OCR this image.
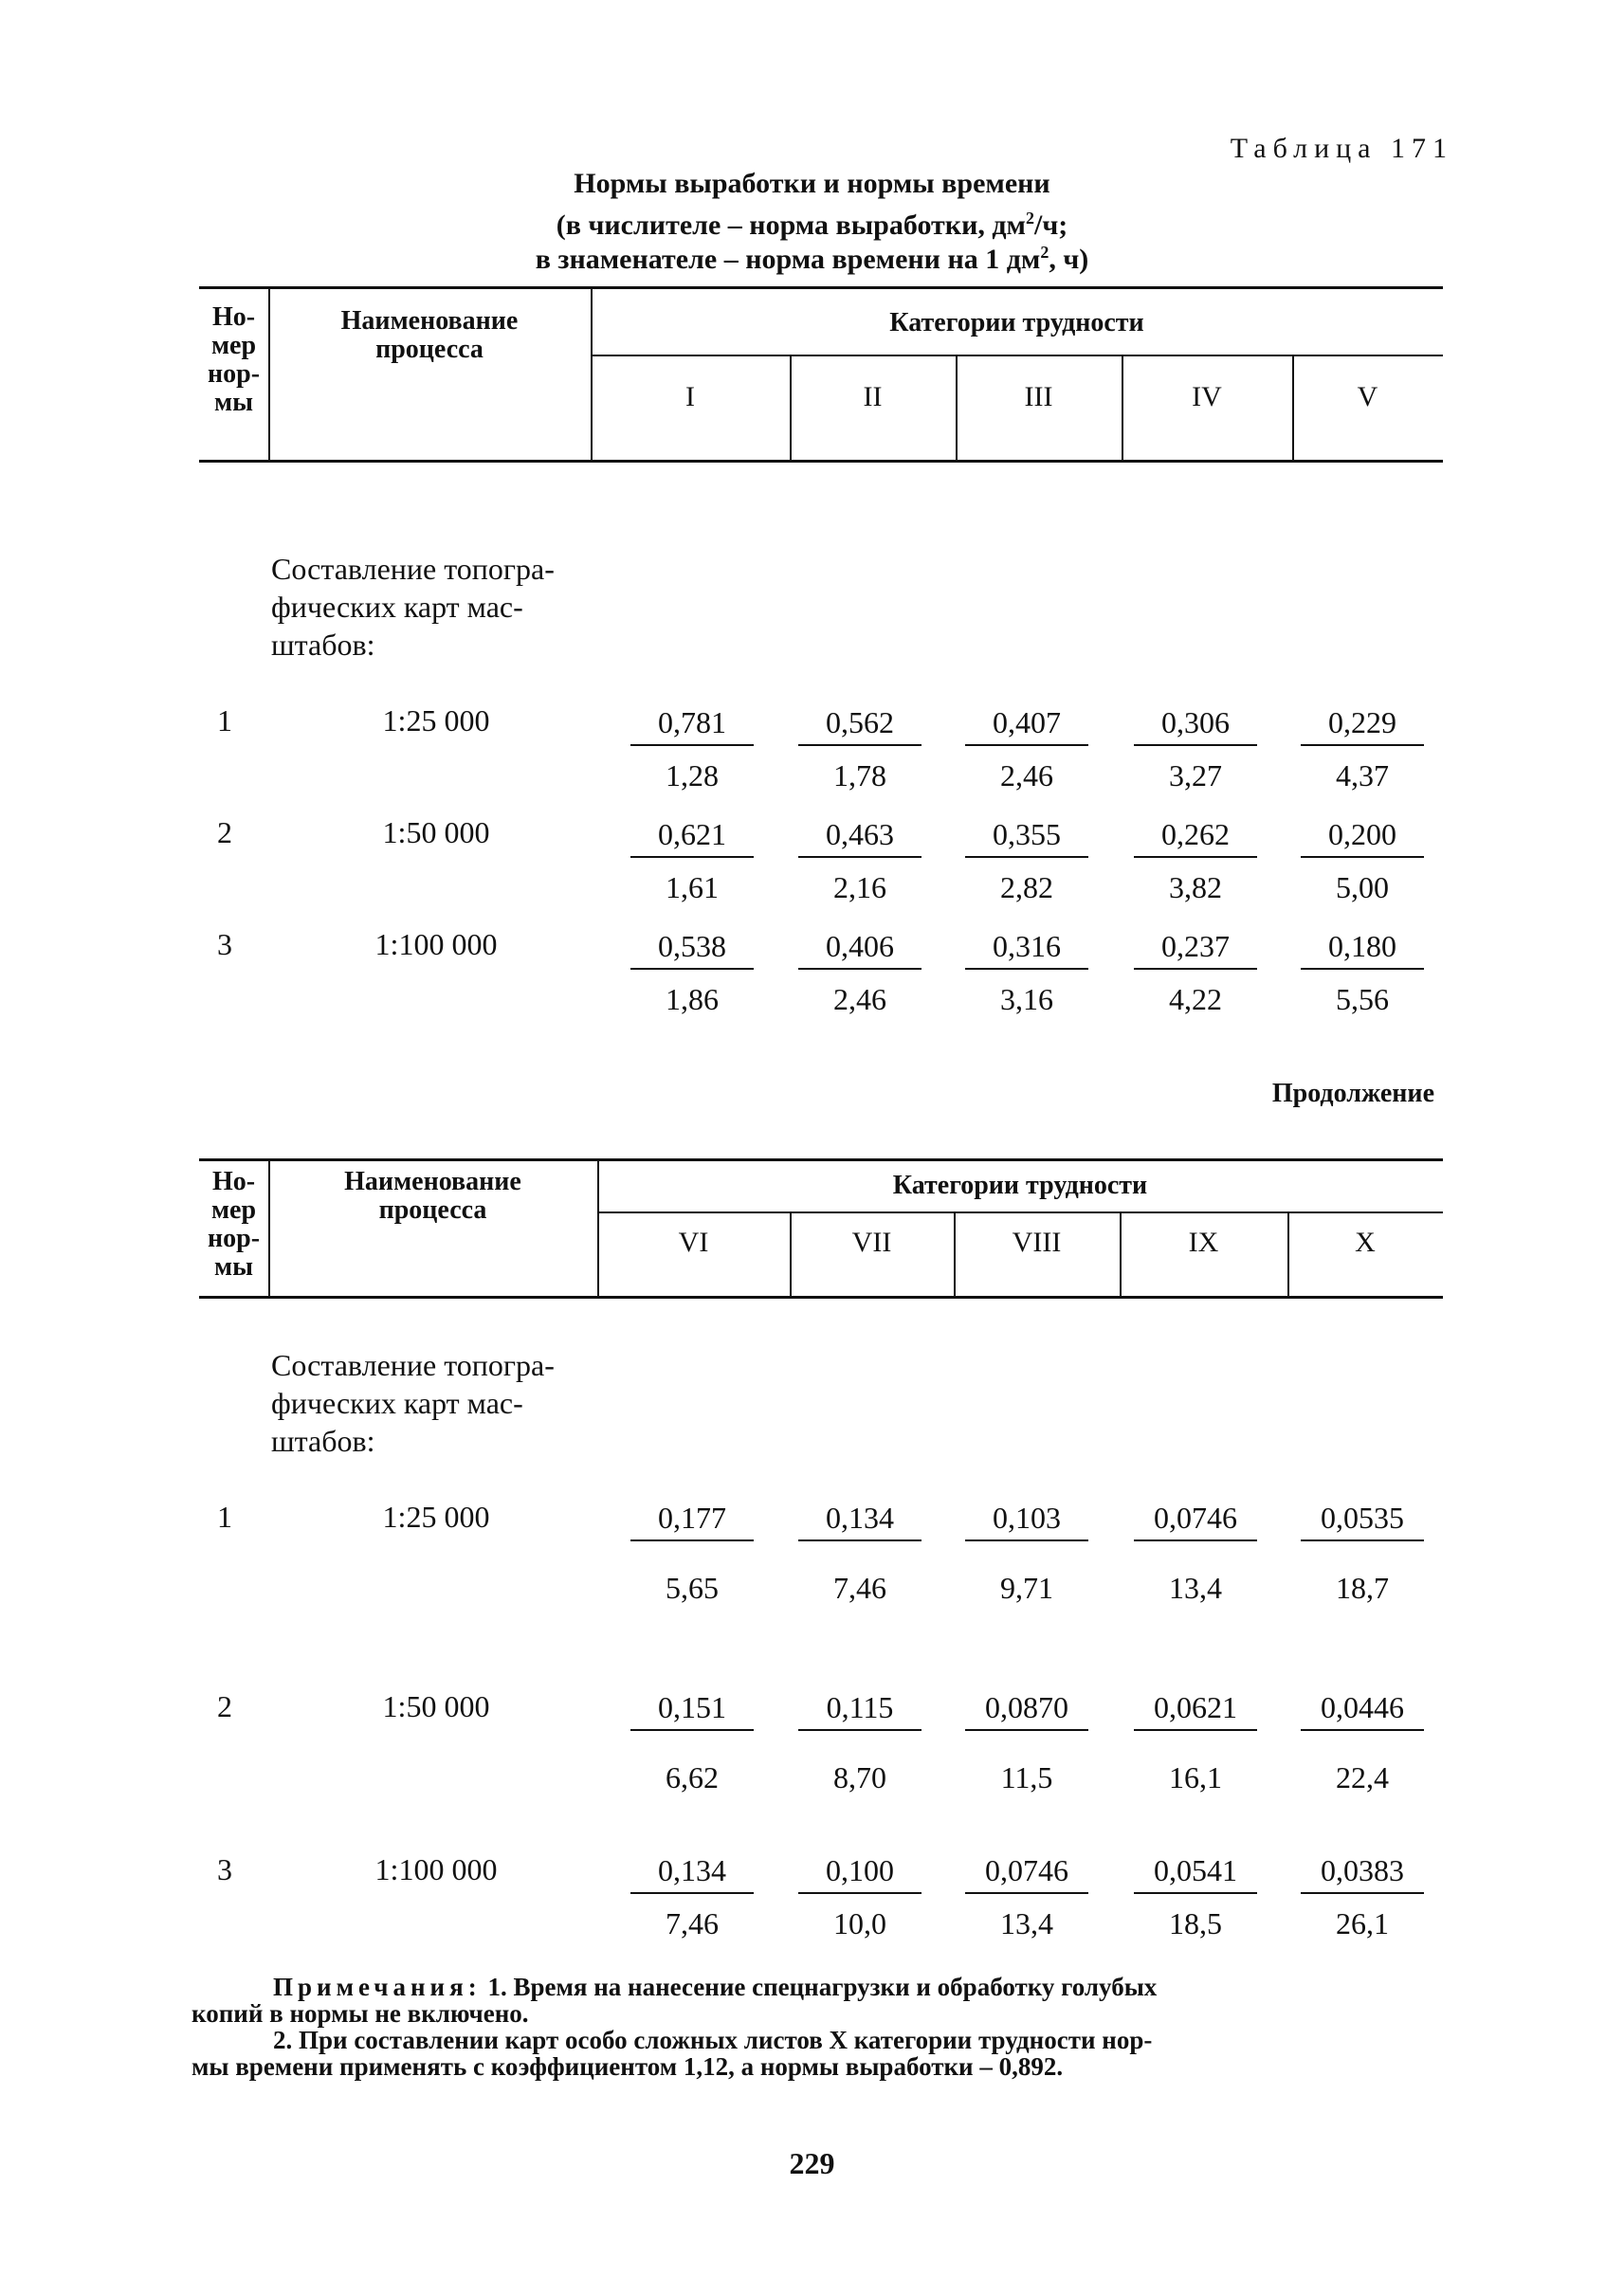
Таблица 171
Нормы выработки и нормы времени
(в числителе – норма выработки, $дм^2/ч$;
в знаменателе – норма времени на 1 $дм^2$, ч)
Но-
мер
нор-
мы
Наименование
процесса
Категории трудности
I	II	III	IV	V
Составление топогра-
фических карт мас-
штабов:
1	1:25 000	$\frac{0,781}{1,28} \frac{0,562}{1,78} \frac{0,407}{2,46} \frac{0,306}{3,27} \frac{0,229}{4,37}$
2	1:50 000	$\frac{0,621}{1,61} \frac{0,463}{2,16} \frac{0,355}{2,82} \frac{0,262}{3,82} \frac{0,200}{5,00}$
3	1:100 000	$\frac{0,538}{1,86} \frac{0,406}{2,46} \frac{0,316}{3,16} \frac{0,237}{4,22} \frac{0,180}{5,56}$
Продолжение
Но-
мер
нор-
мы
Наименование
процесса
Категории трудности
VI	VII	VIII	IX	X
Составление топогра-
фических карт мас-
штабов:
1	1:25 000	$\frac{0,177}{5,65} \frac{0,134}{7,46} \frac{0,103}{9,71} \frac{0,0746}{13,4} \frac{0,0535}{18,7}$
2	1:50 000	$\frac{0,151}{6,62} \frac{0,115}{8,70} \frac{0,0870}{11,5} \frac{0,0621}{16,1} \frac{0,0446}{22,4}$
3	1:100 000	$\frac{0,134}{7,46} \frac{0,100}{10,0} \frac{0,0746}{13,4} \frac{0,0541}{18,5} \frac{0,0383}{26,1}$
Примечания: 1. Время на нанесение спецнагрузки и обработку голубых
копий в нормы не включено.
2. При составлении карт особо сложных листов X категории трудности нор-
мы времени применять с коэффициентом 1,12, а нормы выработки – 0,892.
229
